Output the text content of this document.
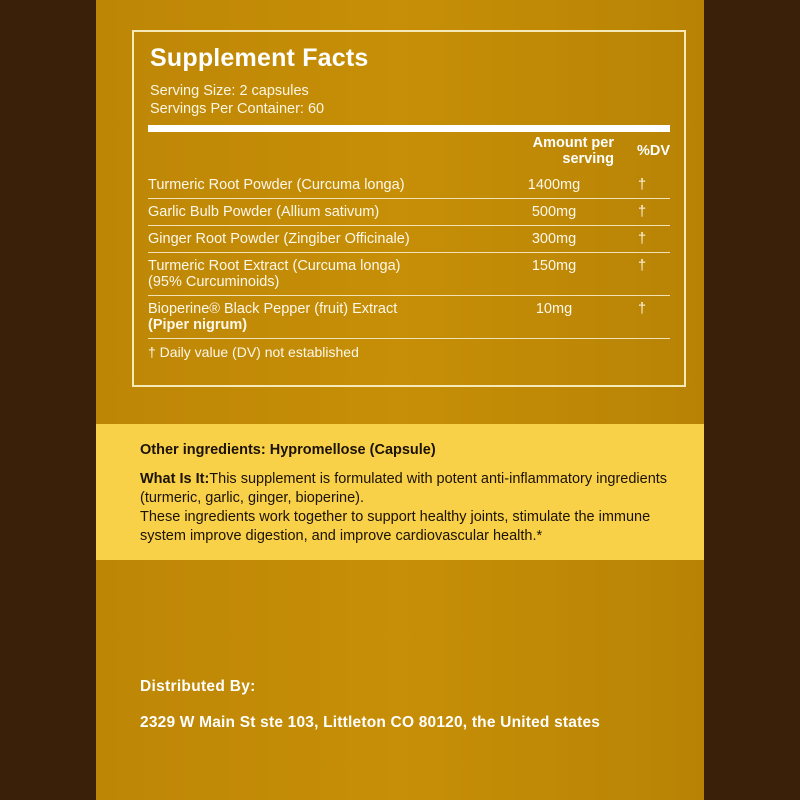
Supplement Facts
Serving Size: 2 capsules
Servings Per Container: 60
	Amount per serving	%DV
Turmeric Root Powder (Curcuma longa)	1400mg	†
Garlic Bulb Powder (Allium sativum)	500mg	†
Ginger Root Powder (Zingiber Officinale)	300mg	†

Turmeric Root Extract (Curcuma longa)
(95% Curcuminoids)	150mg	†

Bioperine® Black Pepper (fruit) Extract
(Piper nigrum)	10mg	†
† Daily value (DV) not established		
Other ingredients: Hypromellose (Capsule)
What Is It:This supplement is formulated with potent anti-inflammatory ingredients (turmeric, garlic, ginger, bioperine).
These ingredients work together to support healthy joints, stimulate the immune system improve digestion, and improve cardiovascular health.*
Distributed By:
2329 W Main St ste 103, Littleton CO 80120, the United states
